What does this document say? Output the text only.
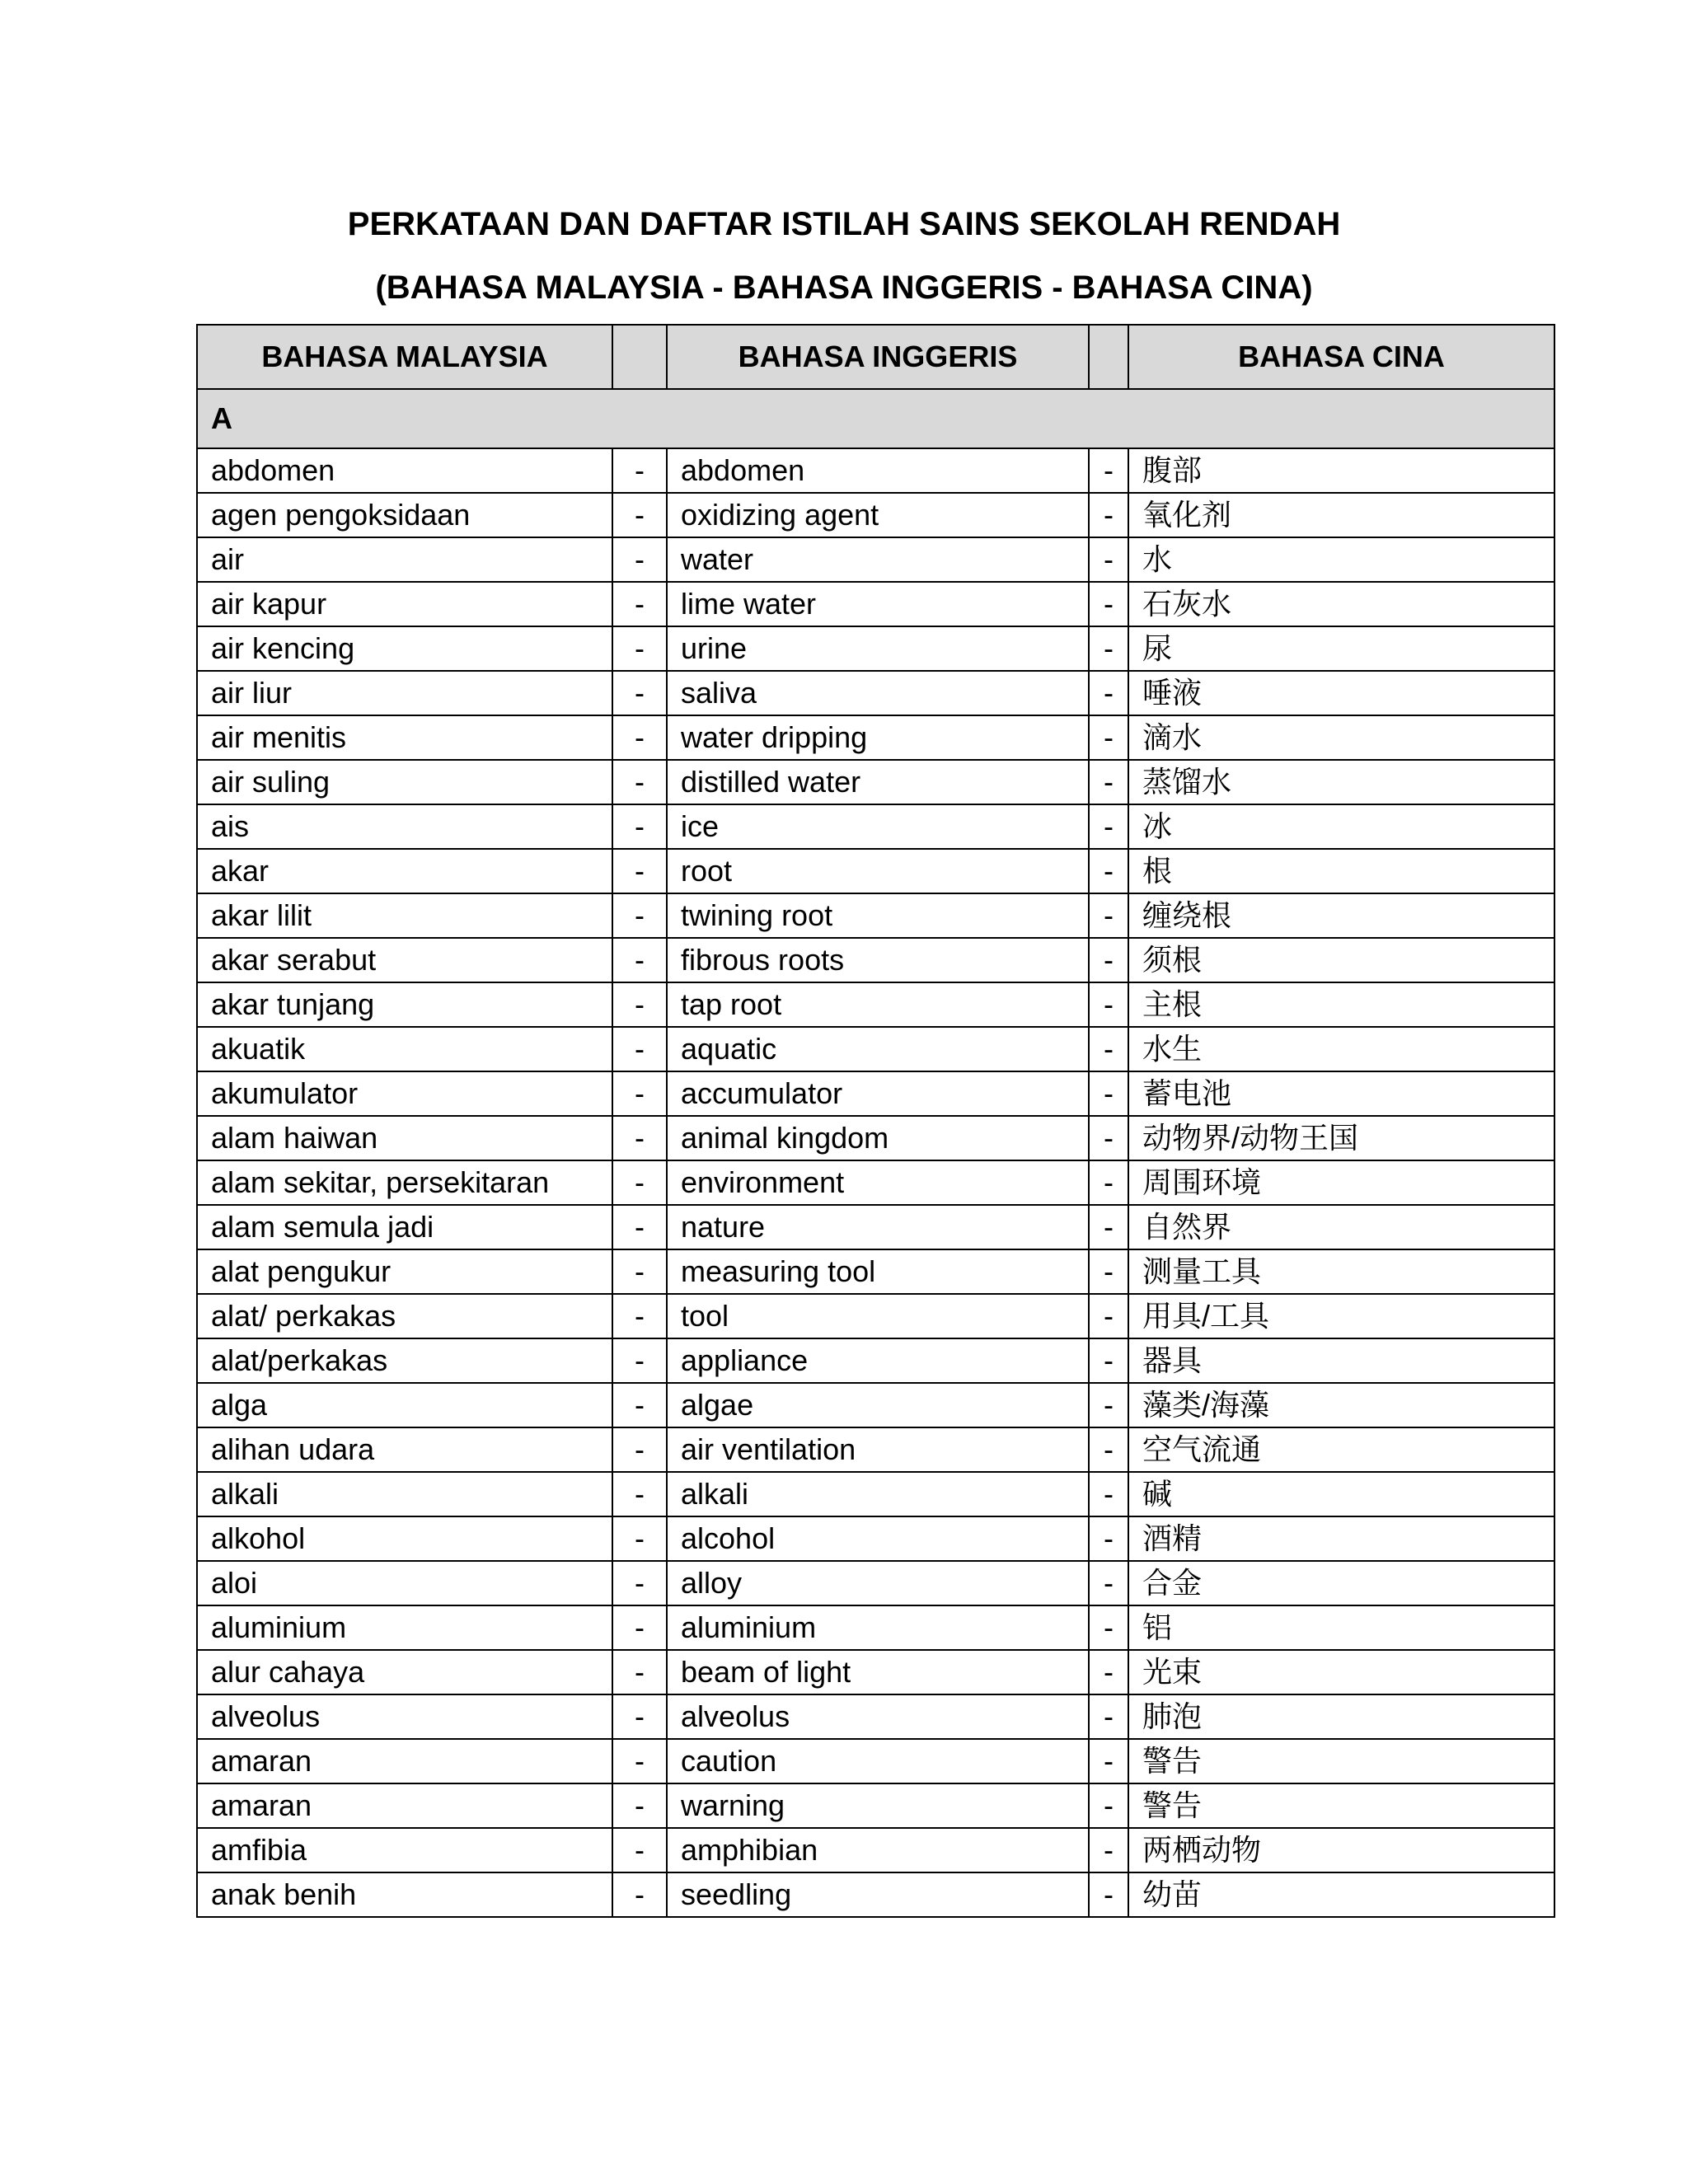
PERKATAAN DAN DAFTAR ISTILAH SAINS SEKOLAH RENDAH
(BAHASA MALAYSIA - BAHASA INGGERIS - BAHASA CINA)
BAHASA MALAYSIA		BAHASA INGGERIS		BAHASA CINA
A				
abdomen	-	abdomen	-	腹部
agen pengoksidaan	-	oxidizing agent	-	氧化剂
air	-	water	-	水
air kapur	-	lime water	-	石灰水
air kencing	-	urine	-	尿
air liur	-	saliva	-	唾液
air menitis	-	water dripping	-	滴水
air suling	-	distilled water	-	蒸馏水
ais	-	ice	-	冰
akar	-	root	-	根
akar lilit	-	twining root	-	缠绕根
akar serabut	-	fibrous roots	-	须根
akar tunjang	-	tap root	-	主根
akuatik	-	aquatic	-	水生
akumulator	-	accumulator	-	蓄电池
alam haiwan	-	animal kingdom	-	动物界/动物王国
alam sekitar, persekitaran	-	environment	-	周围环境
alam semula jadi	-	nature	-	自然界
alat pengukur	-	measuring tool	-	测量工具
alat/ perkakas	-	tool	-	用具/工具
alat/perkakas	-	appliance	-	器具
alga	-	algae	-	藻类/海藻
alihan udara	-	air ventilation	-	空气流通
alkali	-	alkali	-	碱
alkohol	-	alcohol	-	酒精
aloi	-	alloy	-	合金
aluminium	-	aluminium	-	铝
alur cahaya	-	beam of light	-	光束
alveolus	-	alveolus	-	肺泡
amaran	-	caution	-	警告
amaran	-	warning	-	警告
amfibia	-	amphibian	-	两栖动物
anak benih	-	seedling	-	幼苗
